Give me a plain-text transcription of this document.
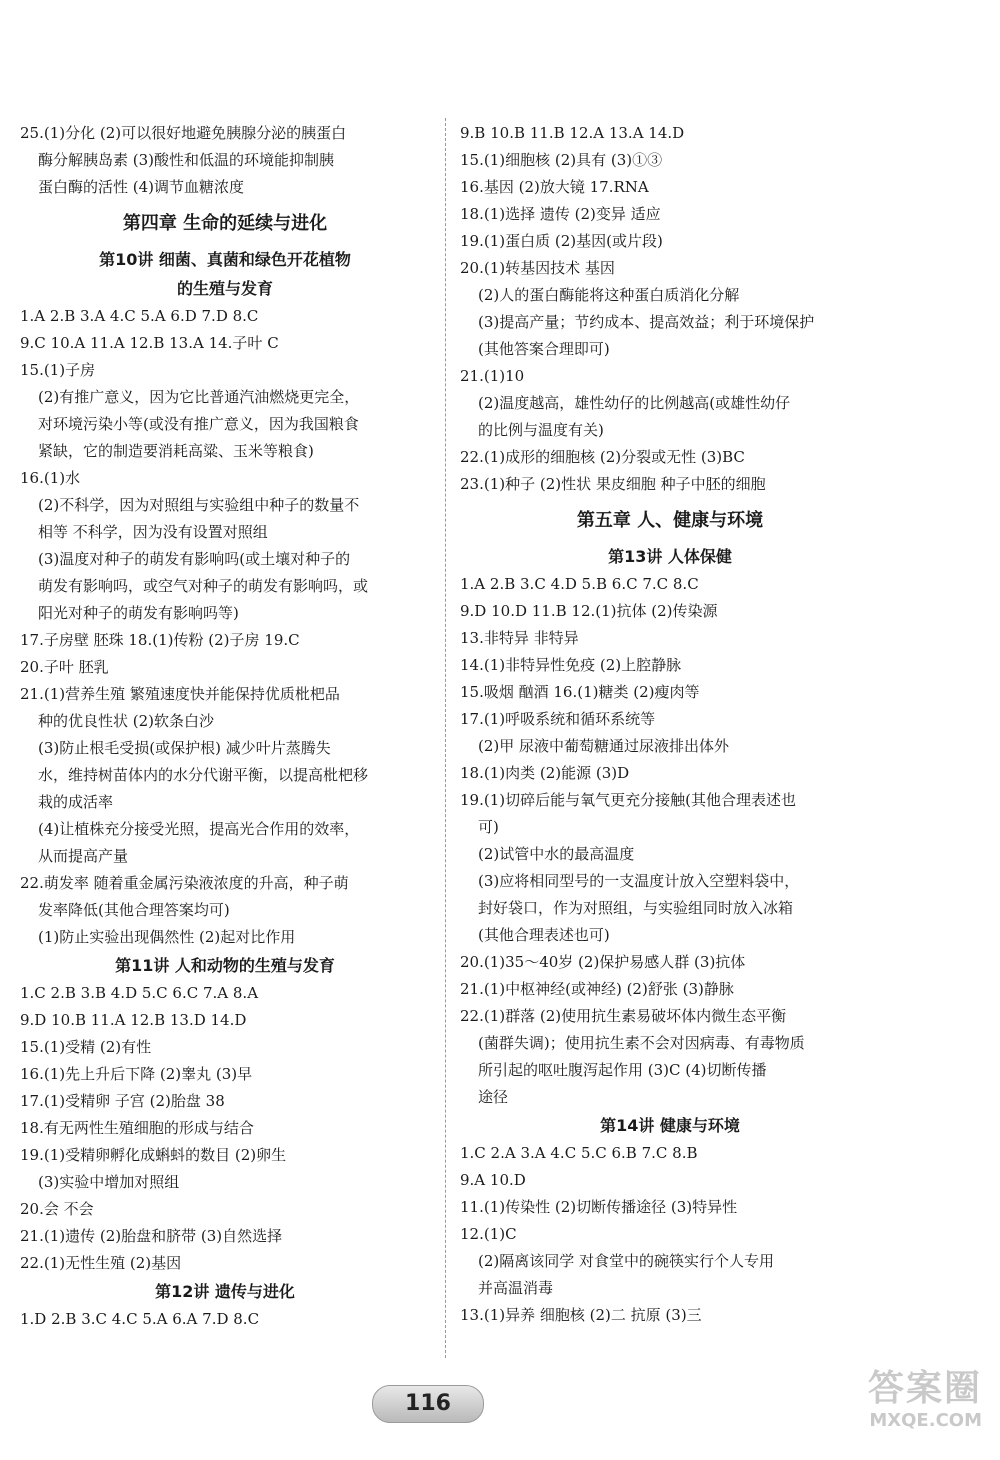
25.(1)分化 (2)可以很好地避免胰腺分泌的胰蛋白
酶分解胰岛素 (3)酸性和低温的环境能抑制胰
蛋白酶的活性 (4)调节血糖浓度
第四章 生命的延续与进化
第10讲 细菌、真菌和绿色开花植物
的生殖与发育
1.A 2.B 3.A 4.C 5.A 6.D 7.D 8.C
9.C 10.A 11.A 12.B 13.A 14.子叶 C
15.(1)子房
(2)有推广意义，因为它比普通汽油燃烧更完全，
对环境污染小等(或没有推广意义，因为我国粮食
紧缺，它的制造要消耗高粱、玉米等粮食)
16.(1)水
(2)不科学，因为对照组与实验组中种子的数量不
相等 不科学，因为没有设置对照组
(3)温度对种子的萌发有影响吗(或土壤对种子的
萌发有影响吗，或空气对种子的萌发有影响吗，或
阳光对种子的萌发有影响吗等)
17.子房壁 胚珠 18.(1)传粉 (2)子房 19.C
20.子叶 胚乳
21.(1)营养生殖 繁殖速度快并能保持优质枇杷品
种的优良性状 (2)软条白沙
(3)防止根毛受损(或保护根) 减少叶片蒸腾失
水，维持树苗体内的水分代谢平衡，以提高枇杷移
栽的成活率
(4)让植株充分接受光照，提高光合作用的效率，
从而提高产量
22.萌发率 随着重金属污染液浓度的升高，种子萌
发率降低(其他合理答案均可)
(1)防止实验出现偶然性 (2)起对比作用
第11讲 人和动物的生殖与发育
1.C 2.B 3.B 4.D 5.C 6.C 7.A 8.A
9.D 10.B 11.A 12.B 13.D 14.D
15.(1)受精 (2)有性
16.(1)先上升后下降 (2)睾丸 (3)早
17.(1)受精卵 子宫 (2)胎盘 38
18.有无两性生殖细胞的形成与结合
19.(1)受精卵孵化成蝌蚪的数目 (2)卵生
(3)实验中增加对照组
20.会 不会
21.(1)遗传 (2)胎盘和脐带 (3)自然选择
22.(1)无性生殖 (2)基因
第12讲 遗传与进化
1.D 2.B 3.C 4.C 5.A 6.A 7.D 8.C
9.B 10.B 11.B 12.A 13.A 14.D
15.(1)细胞核 (2)具有 (3)①③
16.基因 (2)放大镜 17.RNA
18.(1)选择 遗传 (2)变异 适应
19.(1)蛋白质 (2)基因(或片段)
20.(1)转基因技术 基因
(2)人的蛋白酶能将这种蛋白质消化分解
(3)提高产量；节约成本、提高效益；利于环境保护
(其他答案合理即可)
21.(1)10
(2)温度越高，雄性幼仔的比例越高(或雄性幼仔
的比例与温度有关)
22.(1)成形的细胞核 (2)分裂或无性 (3)BC
23.(1)种子 (2)性状 果皮细胞 种子中胚的细胞
第五章 人、健康与环境
第13讲 人体保健
1.A 2.B 3.C 4.D 5.B 6.C 7.C 8.C
9.D 10.D 11.B 12.(1)抗体 (2)传染源
13.非特异 非特异
14.(1)非特异性免疫 (2)上腔静脉
15.吸烟 酗酒 16.(1)糖类 (2)瘦肉等
17.(1)呼吸系统和循环系统等
(2)甲 尿液中葡萄糖通过尿液排出体外
18.(1)肉类 (2)能源 (3)D
19.(1)切碎后能与氧气更充分接触(其他合理表述也
可)
(2)试管中水的最高温度
(3)应将相同型号的一支温度计放入空塑料袋中，
封好袋口，作为对照组，与实验组同时放入冰箱
(其他合理表述也可)
20.(1)35～40岁 (2)保护易感人群 (3)抗体
21.(1)中枢神经(或神经) (2)舒张 (3)静脉
22.(1)群落 (2)使用抗生素易破坏体内微生态平衡
(菌群失调)；使用抗生素不会对因病毒、有毒物质
所引起的呕吐腹泻起作用 (3)C (4)切断传播
途径
第14讲 健康与环境
1.C 2.A 3.A 4.C 5.C 6.B 7.C 8.B
9.A 10.D
11.(1)传染性 (2)切断传播途径 (3)特异性
12.(1)C
(2)隔离该同学 对食堂中的碗筷实行个人专用
并高温消毒
13.(1)异养 细胞核 (2)二 抗原 (3)三
116	答案圈
MXQE.COM
